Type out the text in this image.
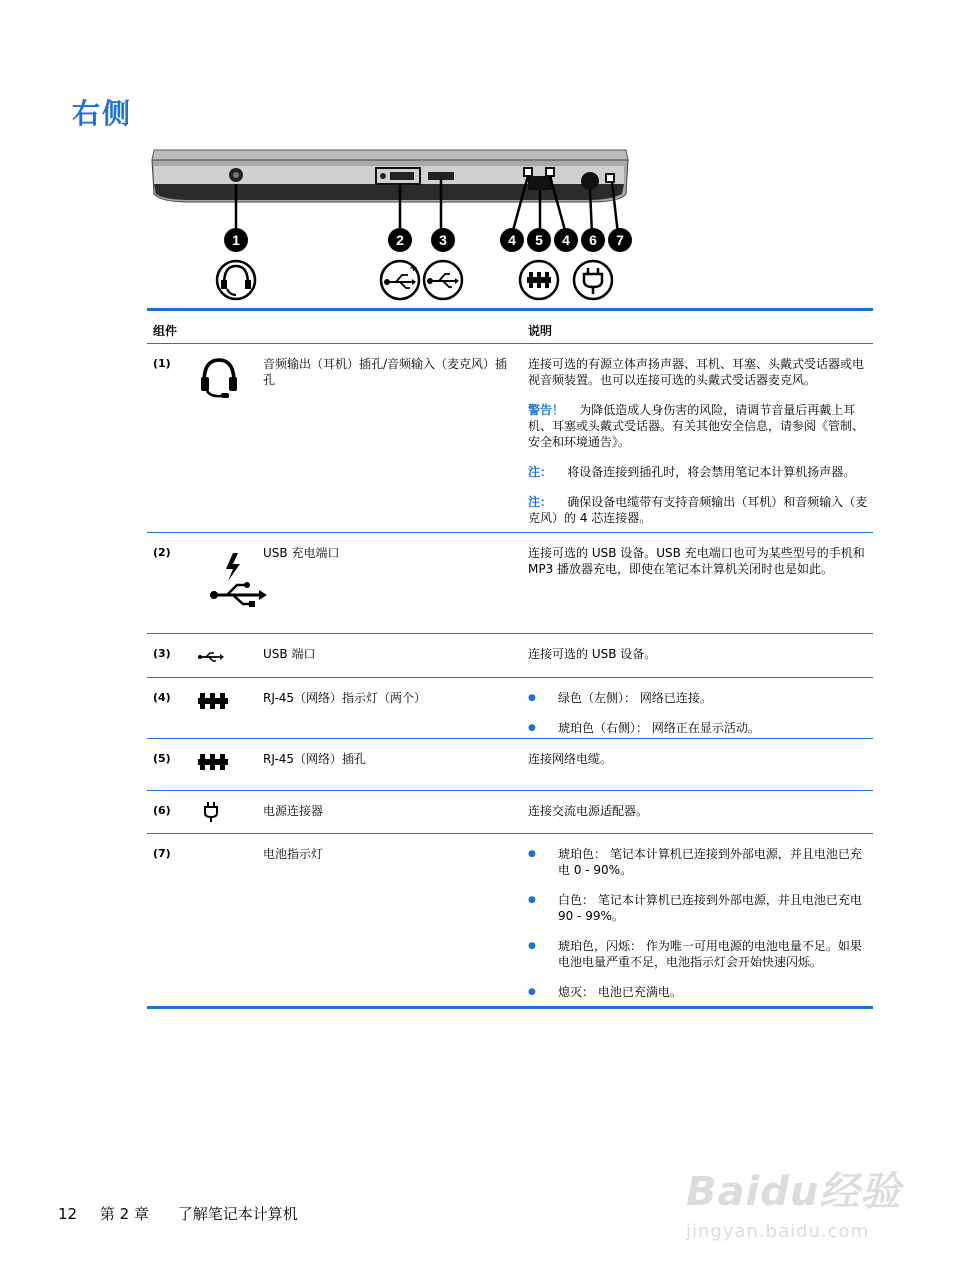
右侧
1	2	3	4 5 4 6 7
+
组件	说明
(1)	音频输出（耳机）插孔/音频输入（麦克风）插孔

连接可选的有源立体声扬声器、耳机、耳塞、头戴式受话器或电视音频装置。也可以连接可选的头戴式受话器麦克风。

警告！ 为降低造成人身伤害的风险，请调节音量后再戴上耳机、耳塞或头戴式受话器。有关其他安全信息，请参阅《管制、安全和环境通告》。

注： 将设备连接到插孔时，将会禁用笔记本计算机扬声器。

注： 确保设备电缆带有支持音频输出（耳机）和音频输入（麦克风）的 4 芯连接器。

(2)	USB 充电端口	连接可选的 USB 设备。USB 充电端口也可为某些型号的手机和 MP3 播放器充电，即使在笔记本计算机关闭时也是如此。

(3)	USB 端口	连接可选的 USB 设备。

(4)	RJ-45（网络）指示灯（两个）	● 绿色（左侧）： 网络已连接。
● 琥珀色（右侧）： 网络正在显示活动。
(5)	RJ-45（网络）插孔	连接网络电缆。

(6)	电源连接器	连接交流电源适配器。

(7)	电池指示灯	● 琥珀色： 笔记本计算机已连接到外部电源，并且电池已充电 0 - 90%。
● 白色： 笔记本计算机已连接到外部电源，并且电池已充电 90 - 99%。
● 琥珀色，闪烁： 作为唯一可用电源的电池电量不足。如果电池电量严重不足，电池指示灯会开始快速闪烁。
● 熄灭： 电池已充满电。
12 第 2 章 了解笔记本计算机	Baidu经验
jingyan.baidu.com
